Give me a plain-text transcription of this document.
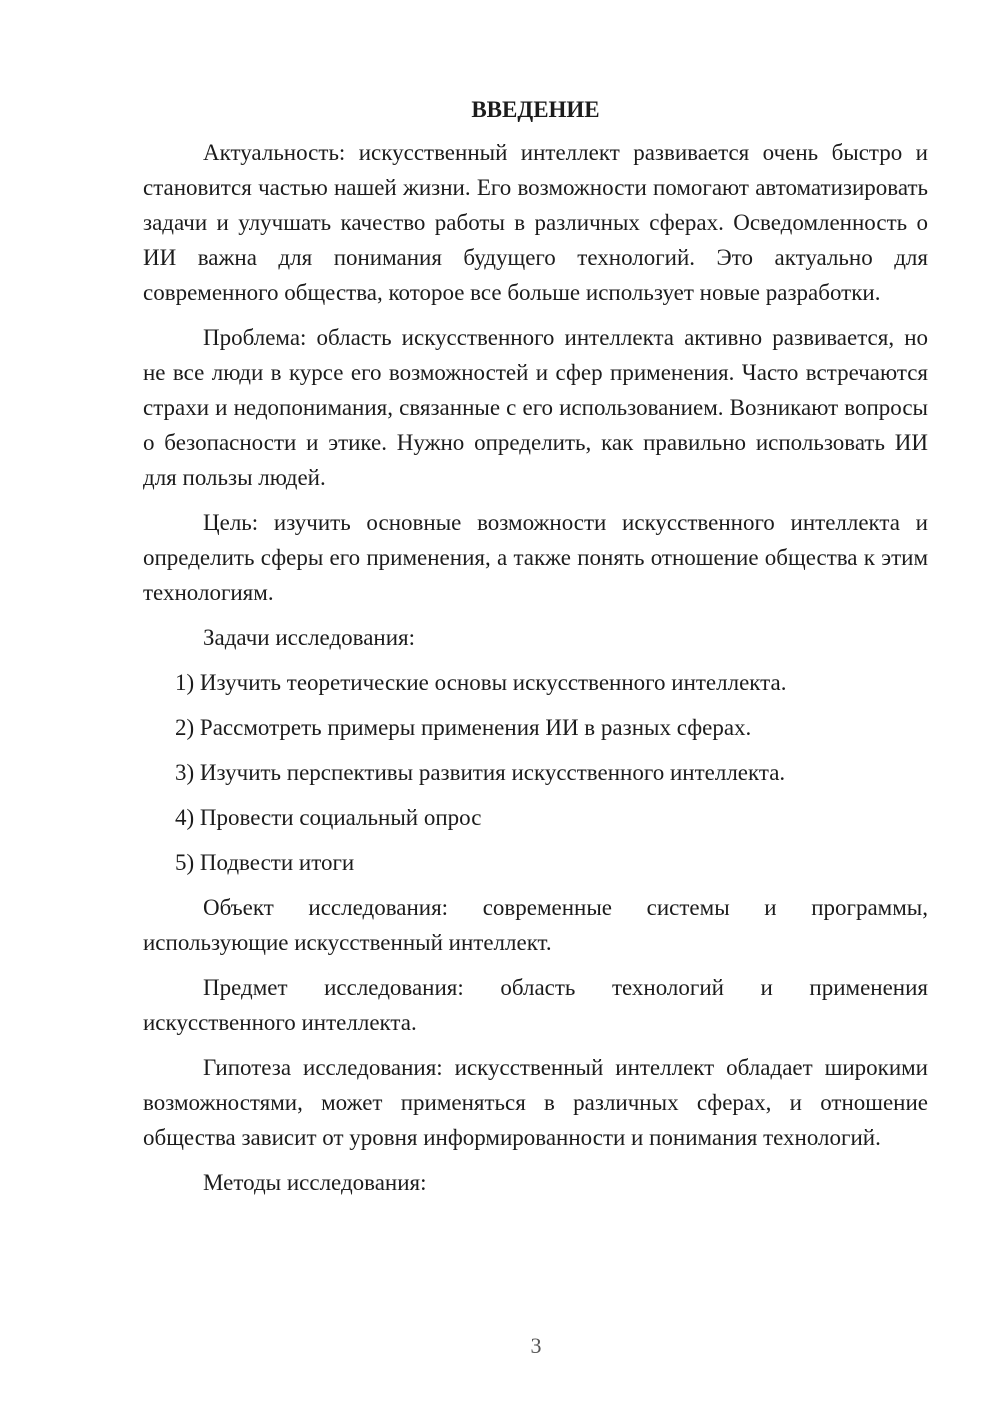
ВВЕДЕНИЕ

Актуальность: искусственный интеллект развивается очень быстро и становится частью нашей жизни. Его возможности помогают автоматизировать задачи и улучшать качество работы в различных сферах. Осведомленность о ИИ важна для понимания будущего технологий. Это актуально для современного общества, которое все больше использует новые разработки.

Проблема: область искусственного интеллекта активно развивается, но не все люди в курсе его возможностей и сфер применения. Часто встречаются страхи и недопонимания, связанные с его использованием. Возникают вопросы о безопасности и этике. Нужно определить, как правильно использовать ИИ для пользы людей.

Цель: изучить основные возможности искусственного интеллекта и определить сферы его применения, а также понять отношение общества к этим технологиям.

Задачи исследования:

1) Изучить теоретические основы искусственного интеллекта.
2) Рассмотреть примеры применения ИИ в разных сферах.
3) Изучить перспективы развития искусственного интеллекта.
4) Провести социальный опрос
5) Подвести итоги

Объект исследования: современные системы и программы, использующие искусственный интеллект.

Предмет исследования: область технологий и применения искусственного интеллекта.

Гипотеза исследования: искусственный интеллект обладает широкими возможностями, может применяться в различных сферах, и отношение общества зависит от уровня информированности и понимания технологий.

Методы исследования:

3
